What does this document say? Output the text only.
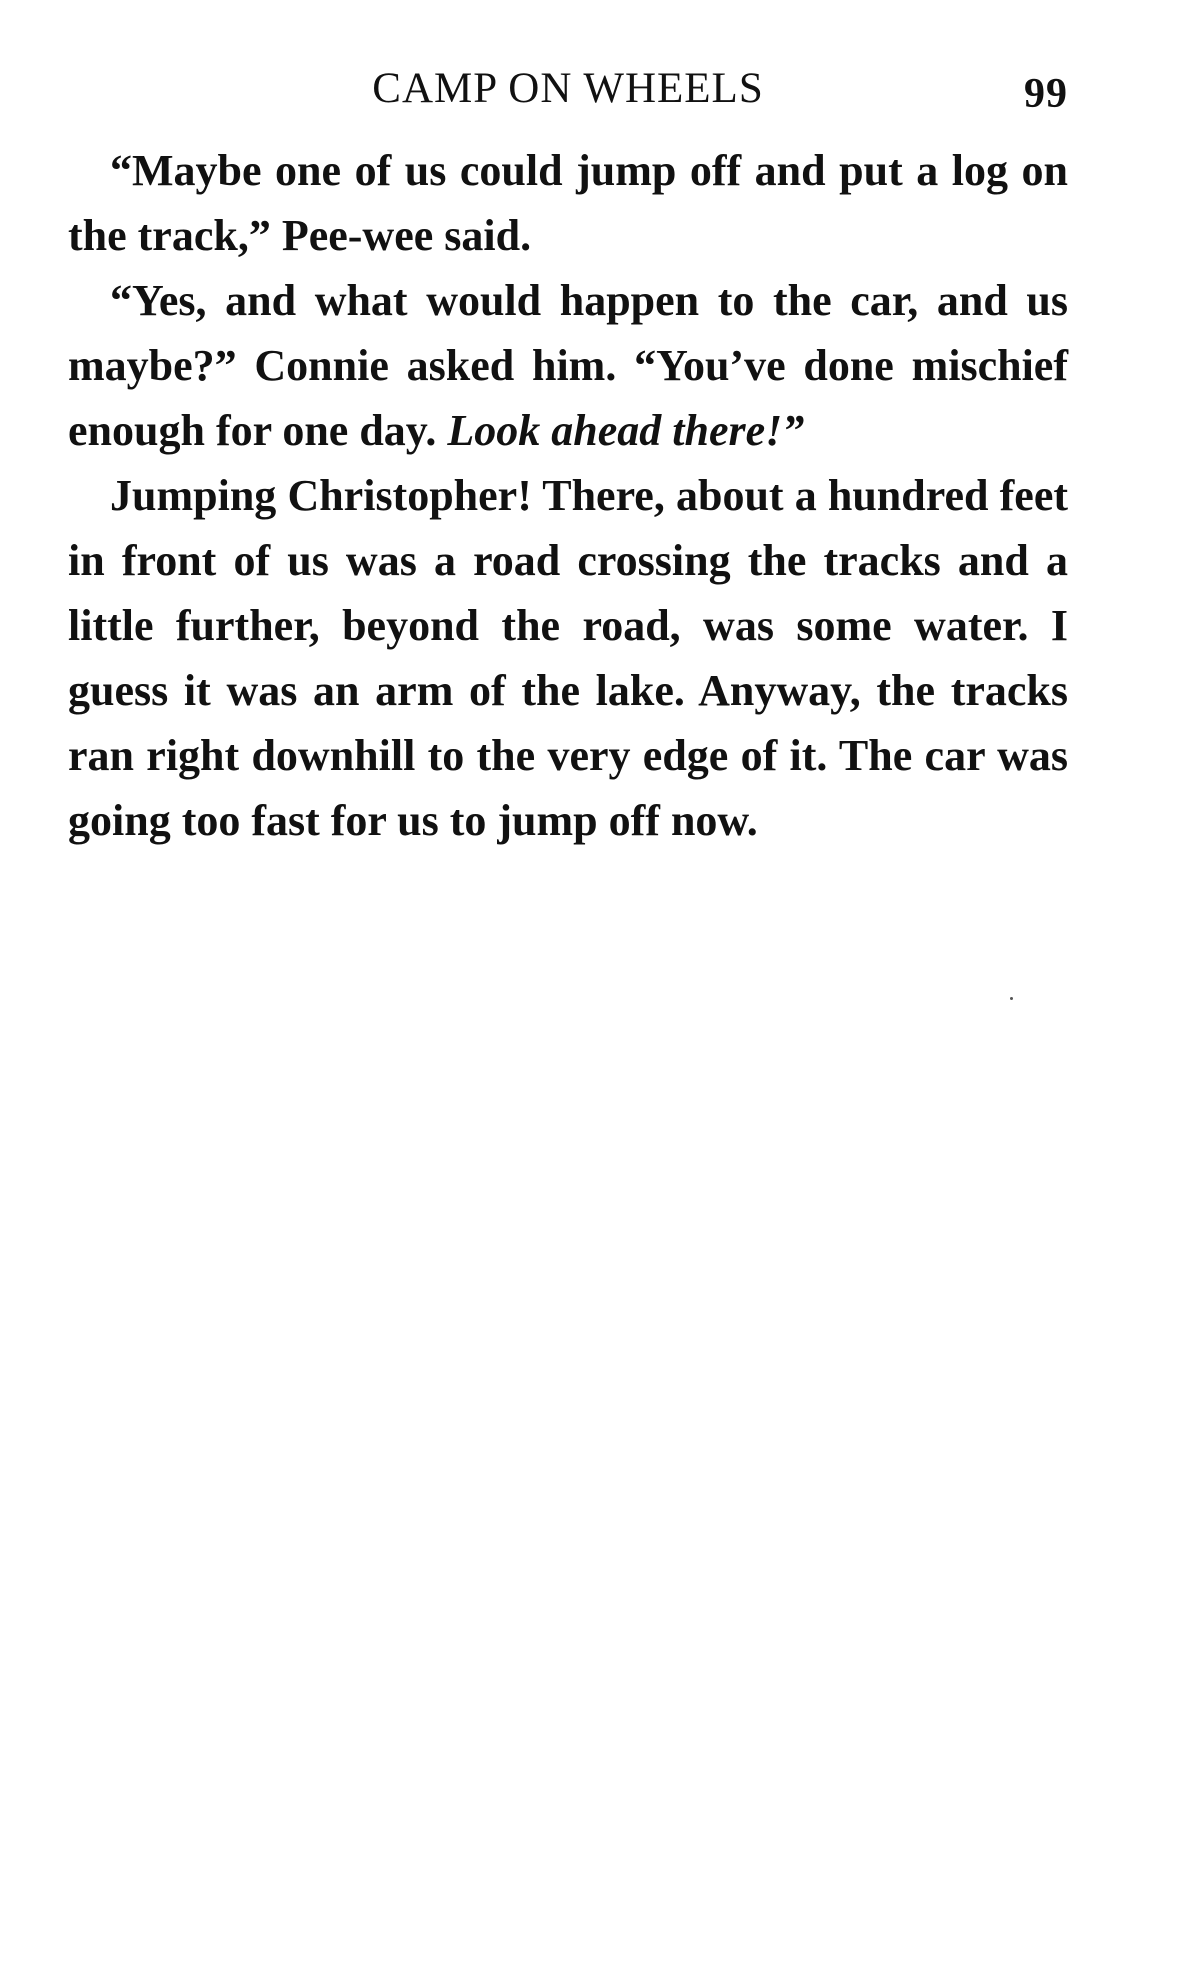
CAMP ON WHEELS	99

“Maybe one of us could jump off and put a log on the track,” Pee-wee said.

“Yes, and what would happen to the car, and us maybe?” Connie asked him. “You’ve done mischief enough for one day. Look ahead there!”

Jumping Christopher! There, about a hundred feet in front of us was a road crossing the tracks and a little further, beyond the road, was some water. I guess it was an arm of the lake. Anyway, the tracks ran right downhill to the very edge of it. The car was going too fast for us to jump off now.
